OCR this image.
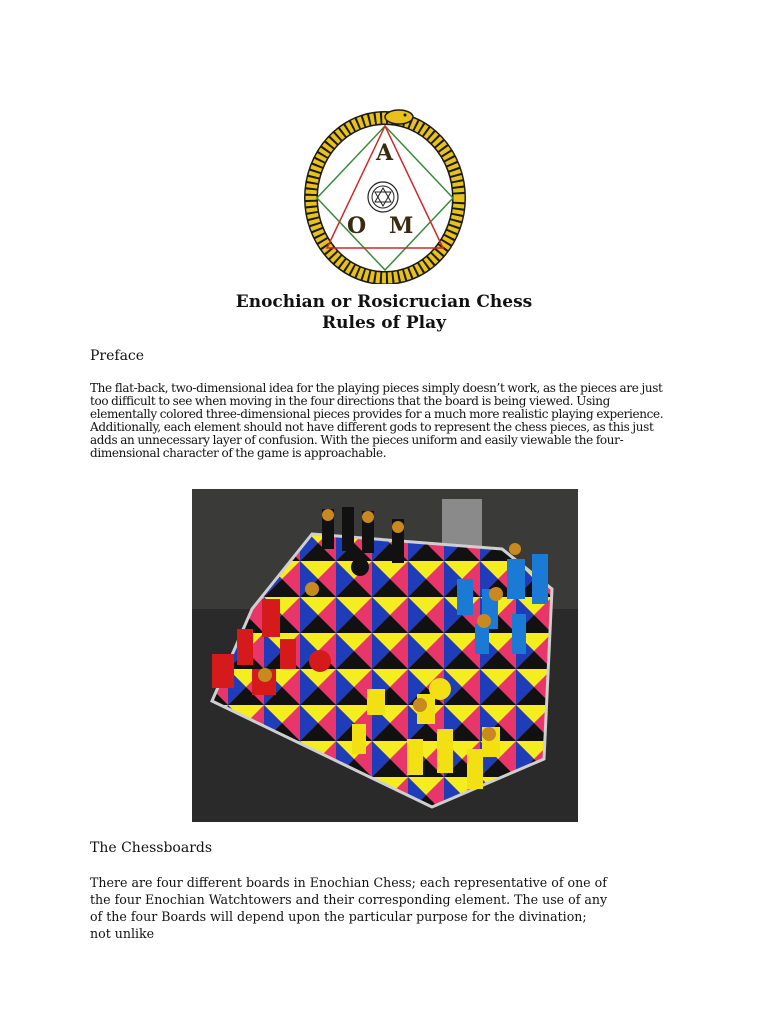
A
O M
Enochian or Rosicrucian Chess
Rules of Play
Preface
The flat-back, two-dimensional idea for the playing pieces simply doesn’t work, as the pieces are just too difficult to see when moving in the four directions that the board is being viewed. Using elementally colored three-dimensional pieces provides for a much more realistic playing experience. Additionally, each element should not have different gods to represent the chess pieces, as this just adds an unnecessary layer of confusion. With the pieces uniform and easily viewable the four-dimensional character of the game is approachable.
The Chessboards
There are four different boards in Enochian Chess; each representative of one of the four Enochian Watchtowers and their corresponding element. The use of any of the four Boards will depend upon the particular purpose for the divination; not unlike
